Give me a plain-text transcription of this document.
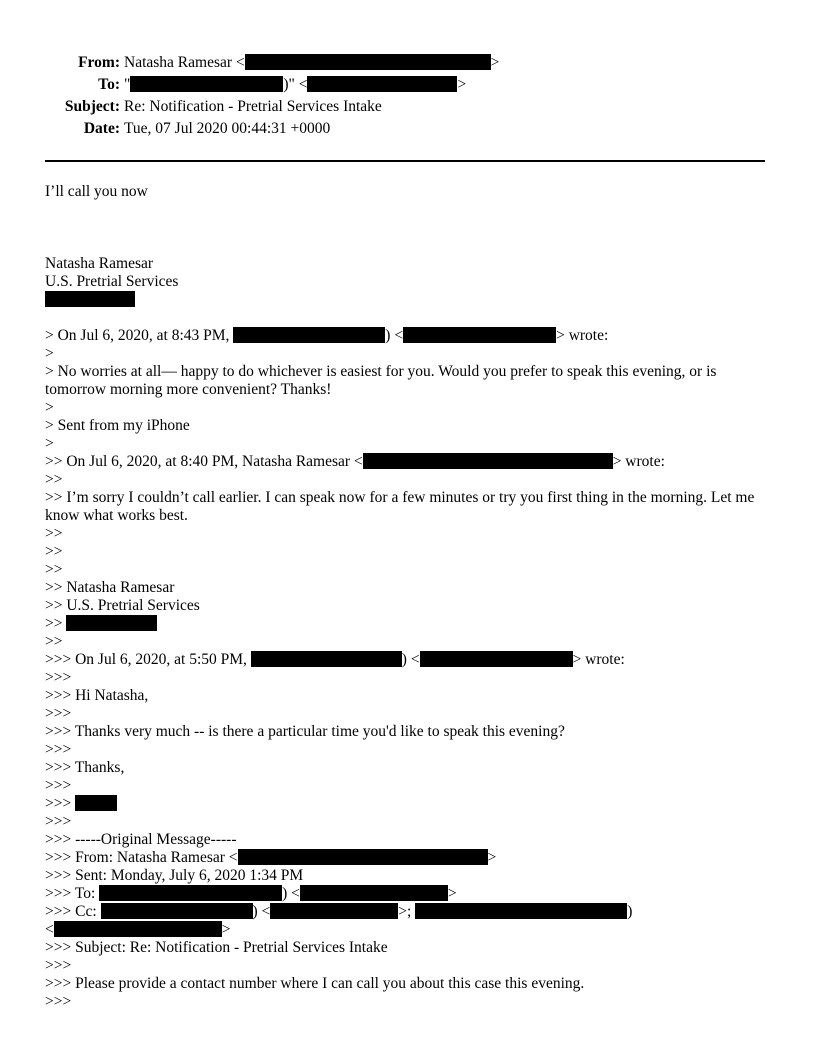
From: Natasha Ramesar <	>
To: "	)" <	>
Subject: Re: Notification - Pretrial Services Intake
Date: Tue, 07 Jul 2020 00:44:31 +0000
I’ll call you now
Natasha Ramesar
U.S. Pretrial Services
> On Jul 6, 2020, at 8:43 PM,	) <	> wrote:
>
> No worries at all— happy to do whichever is easiest for you. Would you prefer to speak this evening, or is tomorrow morning more convenient? Thanks!
>
> Sent from my iPhone
>
>> On Jul 6, 2020, at 8:40 PM, Natasha Ramesar <	> wrote:
>>
>> I’m sorry I couldn’t call earlier. I can speak now for a few minutes or try you first thing in the morning. Let me know what works best.
>>
>>
>>
>> Natasha Ramesar
>> U.S. Pretrial Services
>>
>>
>>> On Jul 6, 2020, at 5:50 PM,	) <	> wrote:
>>>
>>> Hi Natasha,
>>>
>>> Thanks very much -- is there a particular time you'd like to speak this evening?
>>>
>>> Thanks,
>>>
>>>
>>>
>>> -----Original Message-----
>>> From: Natasha Ramesar <	>
>>> Sent: Monday, July 6, 2020 1:34 PM
>>> To:	) <	>
>>> Cc:	) <	>;	)
<	>
>>> Subject: Re: Notification - Pretrial Services Intake
>>>
>>> Please provide a contact number where I can call you about this case this evening.
>>>
